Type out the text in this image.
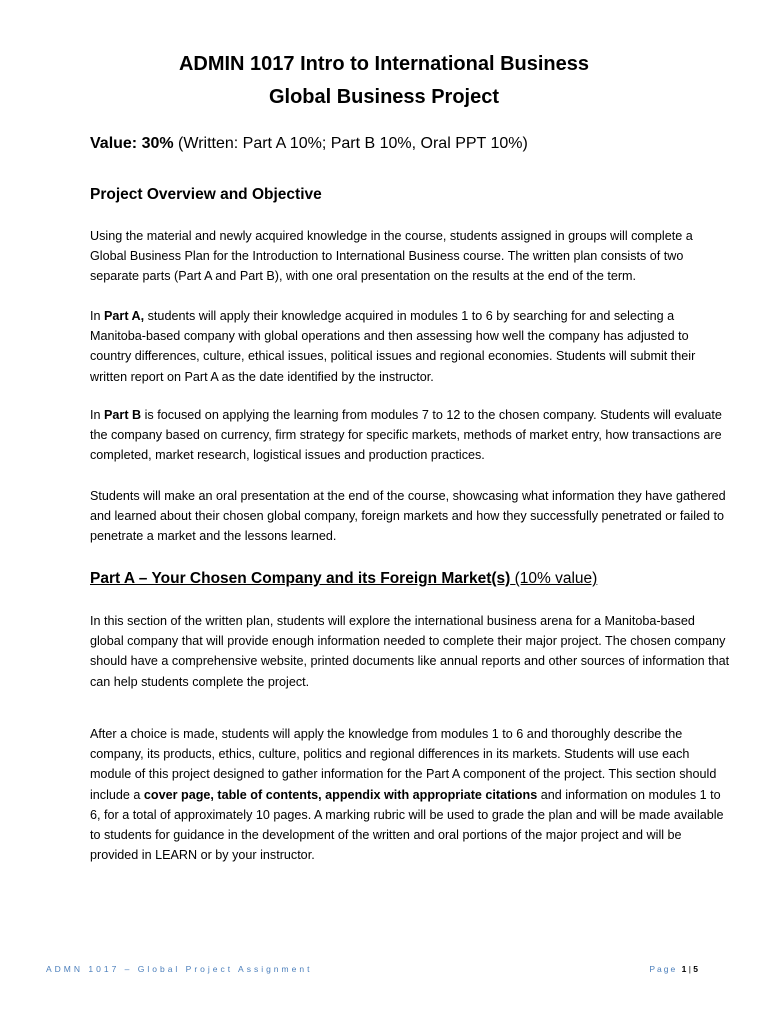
ADMIN 1017 Intro to International Business

Global Business Project

Value: 30% (Written: Part A 10%; Part B 10%, Oral PPT 10%)
Project Overview and Objective

Using the material and newly acquired knowledge in the course, students assigned in groups will complete a Global Business Plan for the Introduction to International Business course. The written plan consists of two separate parts (Part A and Part B), with one oral presentation on the results at the end of the term.

In Part A, students will apply their knowledge acquired in modules 1 to 6 by searching for and selecting a Manitoba-based company with global operations and then assessing how well the company has adjusted to country differences, culture, ethical issues, political issues and regional economies. Students will submit their written report on Part A as the date identified by the instructor.

In Part B is focused on applying the learning from modules 7 to 12 to the chosen company. Students will evaluate the company based on currency, firm strategy for specific markets, methods of market entry, how transactions are completed, market research, logistical issues and production practices.

Students will make an oral presentation at the end of the course, showcasing what information they have gathered and learned about their chosen global company, foreign markets and how they successfully penetrated or failed to penetrate a market and the lessons learned.

Part A – Your Chosen Company and its Foreign Market(s) (10% value)

In this section of the written plan, students will explore the international business arena for a Manitoba-based global company that will provide enough information needed to complete their major project. The chosen company should have a comprehensive website, printed documents like annual reports and other sources of information that can help students complete the project.

After a choice is made, students will apply the knowledge from modules 1 to 6 and thoroughly describe the company, its products, ethics, culture, politics and regional differences in its markets. Students will use each module of this project designed to gather information for the Part A component of the project. This section should include a cover page, table of contents, appendix with appropriate citations and information on modules 1 to 6, for a total of approximately 10 pages. A marking rubric will be used to grade the plan and will be made available to students for guidance in the development of the written and oral portions of the major project and will be provided in LEARN or by your instructor.

ADMN 1017 – Global Project Assignment	Page 1 | 5
